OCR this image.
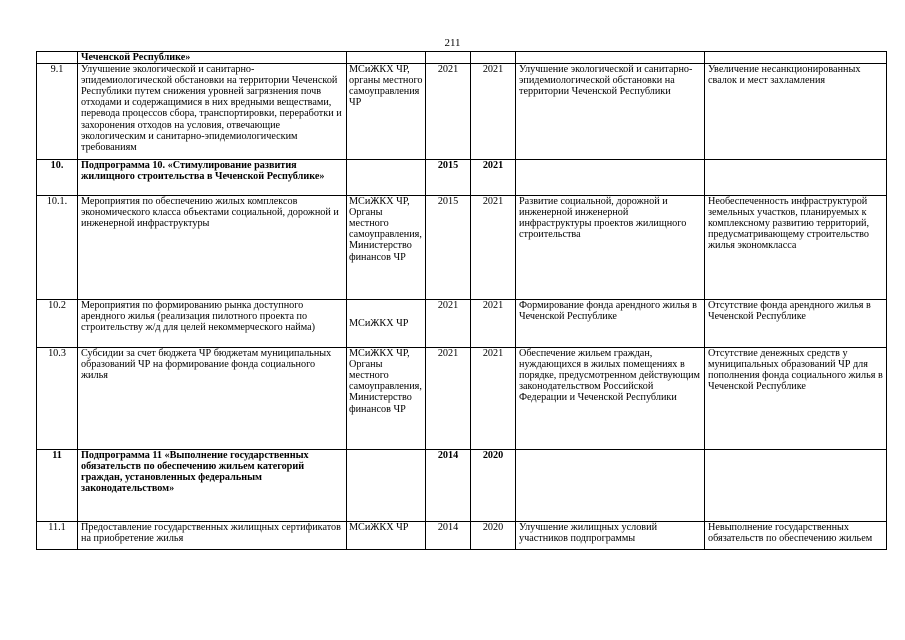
211
	Чеченской Республике»					
9.1	Улучшение экологической и санитарно-эпидемиологической обстановки на территории Чеченской Республики путем снижения уровней загрязнения почв отходами и содержащимися в них вредными веществами, перевода процессов сбора, транспортировки, переработки и захоронения отходов на условия, отвечающие экологическим и санитарно-эпидемиологическим требованиям	МСиЖКХ ЧР, органы местного самоуправления ЧР	2021	2021	Улучшение экологической и санитарно-эпидемиологической обстановки на территории Чеченской Республики	Увеличение несанкционированных свалок и мест захламления
10.	Подпрограмма 10. «Стимулирование развития жилищного строительства в Чеченской Республике»		2015	2021		
10.1.	Мероприятия по обеспечению жилых комплексов экономического класса объектами социальной, дорожной и инженерной инфраструктуры	МСиЖКХ ЧР, Органы местного самоуправления, Министерство финансов ЧР	2015	2021	Развитие социальной, дорожной и инженерной инженерной инфраструктуры проектов жилищного строительства	Необеспеченность инфраструктурой земельных участков, планируемых к комплексному развитию территорий, предусматривающему строительство жилья экономкласса
10.2	Мероприятия по формированию рынка доступного арендного жилья (реализация пилотного проекта по строительству ж/д для целей некоммерческого найма)	МСиЖКХ ЧР	2021	2021	Формирование фонда арендного жилья в Чеченской Республике	Отсутствие фонда арендного жилья в Чеченской Республике
10.3	Субсидии за счет бюджета ЧР бюджетам муниципальных образований ЧР на формирование фонда социального жилья	МСиЖКХ ЧР, Органы местного самоуправления, Министерство финансов ЧР	2021	2021	Обеспечение жильем граждан, нуждающихся в жилых помещениях в порядке, предусмотренном действующим законодательством Российской Федерации и Чеченской Республики	Отсутствие денежных средств у муниципальных образований ЧР для пополнения фонда социального жилья в Чеченской Республике
11	Подпрограмма 11 «Выполнение государственных обязательств по обеспечению жильем категорий граждан, установленных федеральным законодательством»		2014	2020		
11.1	Предоставление государственных жилищных сертификатов на приобретение жилья	МСиЖКХ ЧР	2014	2020	Улучшение жилищных условий участников подпрограммы	Невыполнение государственных обязательств по обеспечению жильем
